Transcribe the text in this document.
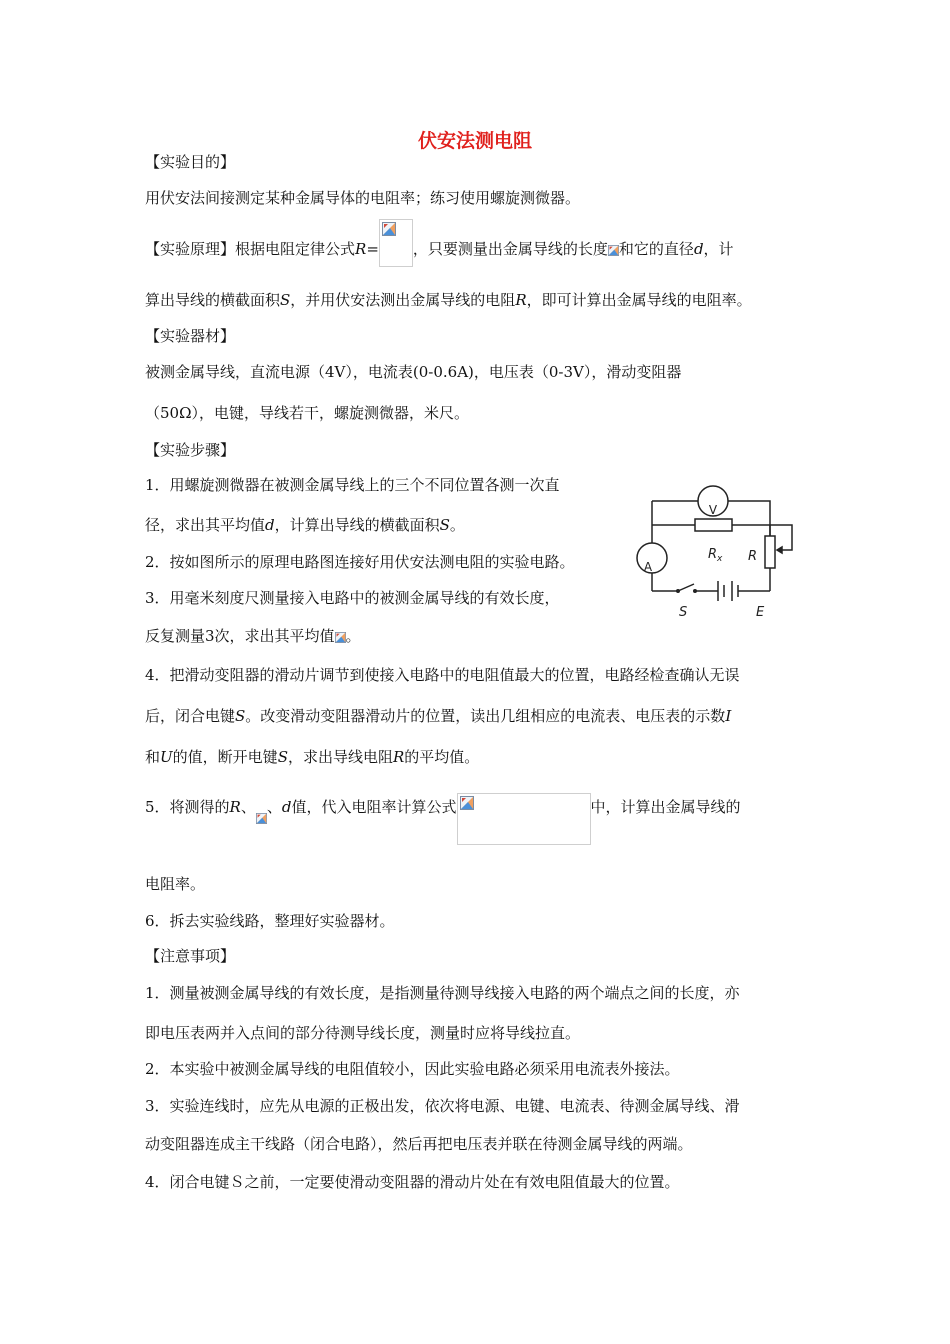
伏安法测电阻
【实验目的】
用伏安法间接测定某种金属导体的电阻率；练习使用螺旋测微器。
【实验原理】根据电阻定律公式R= ，只要测量出金属导线的长度 和它的直径d，计
算出导线的横截面积S，并用伏安法测出金属导线的电阻R，即可计算出金属导线的电阻率。
【实验器材】
被测金属导线，直流电源（4V），电流表(0-0.6A)，电压表（0-3V），滑动变阻器
（50Ω），电键，导线若干，螺旋测微器，米尺。
【实验步骤】
1．用螺旋测微器在被测金属导线上的三个不同位置各测一次直
径，求出其平均值d，计算出导线的横截面积S。
2．按如图所示的原理电路图连接好用伏安法测电阻的实验电路。
3．用毫米刻度尺测量接入电路中的被测金属导线的有效长度，
反复测量3次，求出其平均值 。
4．把滑动变阻器的滑动片调节到使接入电路中的电阻值最大的位置，电路经检查确认无误
后，闭合电键S。改变滑动变阻器滑动片的位置，读出几组相应的电流表、电压表的示数I
和U的值，断开电键S，求出导线电阻R的平均值。
5．将测得的R、 、d值，代入电阻率计算公式	中，计算出金属导线的
电阻率。
6．拆去实验线路，整理好实验器材。
【注意事项】
1．测量被测金属导线的有效长度，是指测量待测导线接入电路的两个端点之间的长度，亦
即电压表两并入点间的部分待测导线长度，测量时应将导线拉直。
2．本实验中被测金属导线的电阻值较小，因此实验电路必须采用电流表外接法。
3．实验连线时，应先从电源的正极出发，依次将电源、电键、电流表、待测金属导线、滑
动变阻器连成主干线路（闭合电路），然后再把电压表并联在待测金属导线的两端。
4．闭合电键Ｓ之前，一定要使滑动变阻器的滑动片处在有效电阻值最大的位置。
V
A
$R_x$ R
S	E
